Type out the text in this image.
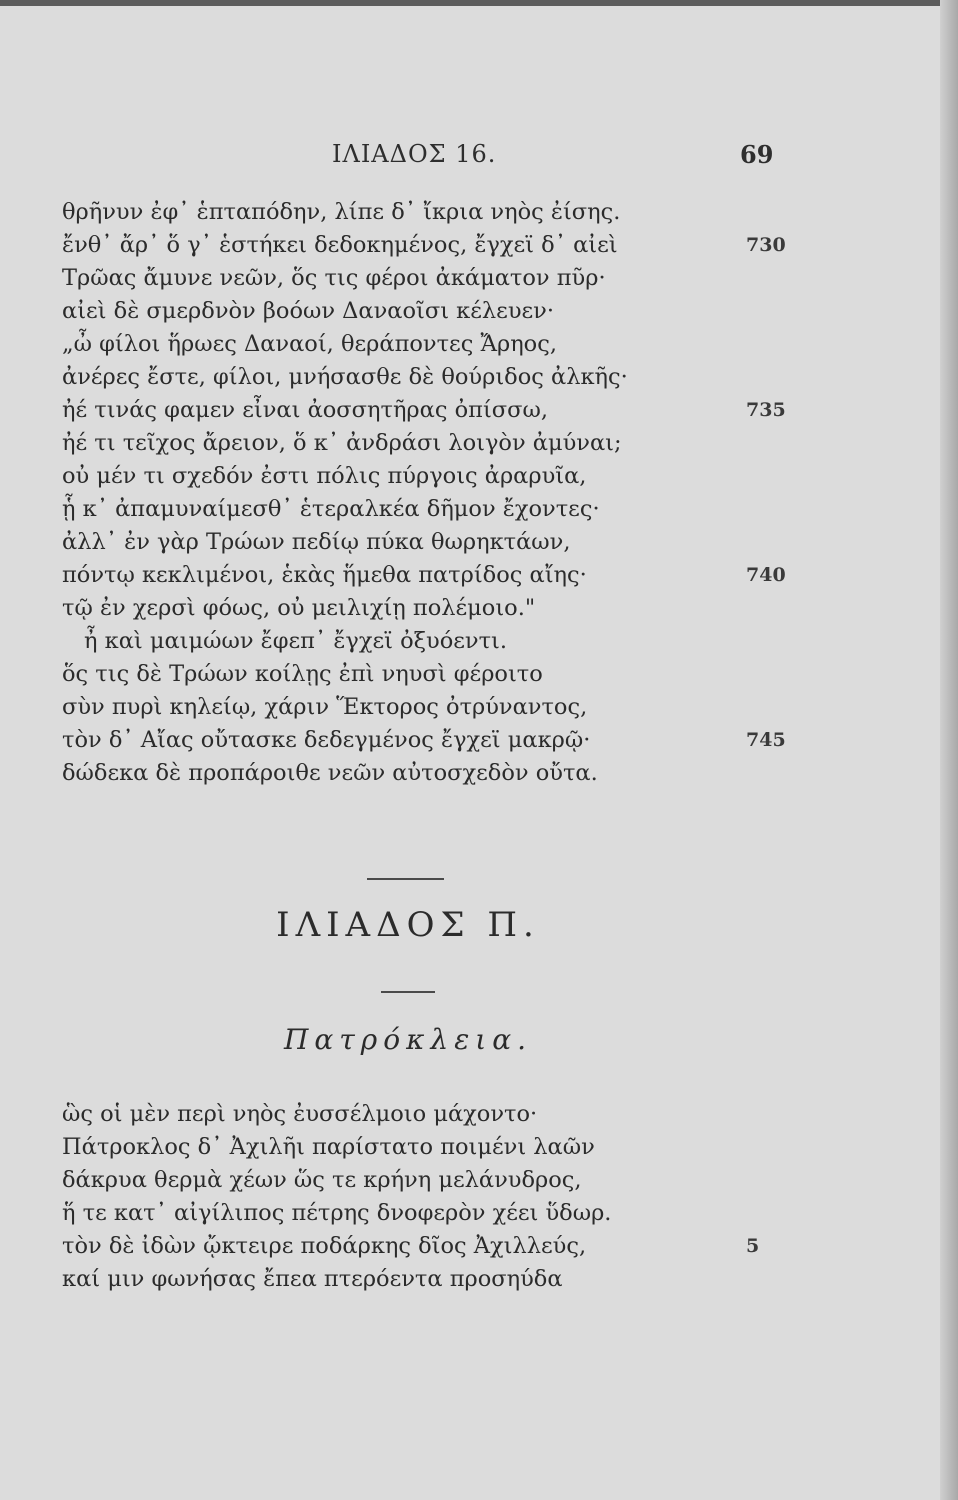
ΙΛΙΑΔΟΣ 16.	69
θρῆνυν ἐφ᾽ ἑπταπόδην, λίπε δ᾽ ἴκρια νηὸς ἐίσης.
ἔνθ᾽ ἄρ᾽ ὅ γ᾽ ἑστήκει δεδοκημένος, ἔγχεϊ δ᾽ αἰεὶ	730
Τρῶας ἄμυνε νεῶν, ὅς τις φέροι ἀκάματον πῦρ·
αἰεὶ δὲ σμερδνὸν βοόων Δαναοῖσι κέλευεν·
„ὦ φίλοι ἥρωες Δαναοί, θεράποντες Ἄρηος,
ἀνέρες ἔστε, φίλοι, μνήσασθε δὲ θούριδος ἀλκῆς·
ἠέ τινάς φαμεν εἶναι ἀοσσητῆρας ὀπίσσω,	735
ἠέ τι τεῖχος ἄρειον, ὅ κ᾽ ἀνδράσι λοιγὸν ἀμύναι;
οὐ μέν τι σχεδόν ἐστι πόλις πύργοις ἀραρυῖα,
ᾗ κ᾽ ἀπαμυναίμεσθ᾽ ἑτεραλκέα δῆμον ἔχοντες·
ἀλλ᾽ ἐν γὰρ Τρώων πεδίῳ πύκα θωρηκτάων,
πόντῳ κεκλιμένοι, ἑκὰς ἥμεθα πατρίδος αἴης·	740
τῷ ἐν χερσὶ φόως, οὐ μειλιχίῃ πολέμοιο."
ἦ καὶ μαιμώων ἔφεπ᾽ ἔγχεϊ ὀξυόεντι.
ὅς τις δὲ Τρώων κοίλῃς ἐπὶ νηυσὶ φέροιτο
σὺν πυρὶ κηλείῳ, χάριν Ἕκτορος ὀτρύναντος,
τὸν δ᾽ Αἴας οὔτασκε δεδεγμένος ἔγχεϊ μακρῷ·	745
δώδεκα δὲ προπάροιθε νεῶν αὐτοσχεδὸν οὔτα.
ΙΛΙΑΔΟΣ Π.
Πατρόκλεια.
ὣς οἱ μὲν περὶ νηὸς ἐυσσέλμοιο μάχοντο·
Πάτροκλος δ᾽ Ἀχιλῆι παρίστατο ποιμένι λαῶν
δάκρυα θερμὰ χέων ὥς τε κρήνη μελάνυδρος,
ἥ τε κατ᾽ αἰγίλιπος πέτρης δνοφερὸν χέει ὕδωρ.
τὸν δὲ ἰδὼν ᾤκτειρε ποδάρκης δῖος Ἀχιλλεύς,	5
καί μιν φωνήσας ἔπεα πτερόεντα προσηύδα
